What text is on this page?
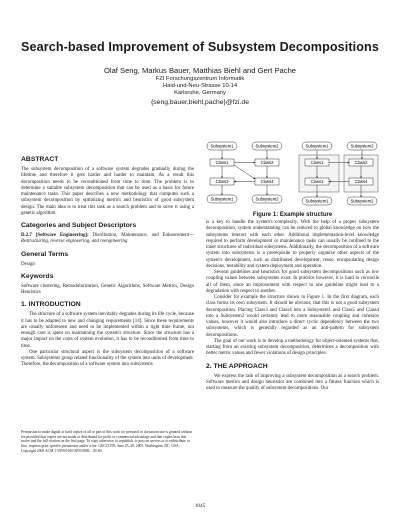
Search-based Improvement of Subsystem Decompositions
Olaf Seng, Markus Bauer, Matthias Biehl and Gert Pache
FZI Forschungszentrum Informatik
Haid-und-Neu-Strasse 10-14
Karlsruhe, Germany
{seng,bauer,biehl,pache}@fzi.de
ABSTRACT

The subsystem decomposition of a software system degrades gradually during the lifetime and therefore it gets harder and harder to maintain. As a result this decomposition needs to be reconditioned from time to time. The problem is to determine a suitable subsystem decomposition that can be used as a basis for future maintenance tasks. This paper describes a new methodology that computes such a subsystem decomposition by optimizing metrics and heuristics of good subsystem design. The main idea is to treat this task as a search problem and to solve it using a genetic algorithm.

Categories and Subject Descriptors

D.2.7 [Software Engineering]: Distribution, Maintenance, and Enhancement—Restructuring, reverse engineering, and reengineering

General Terms

Design

Keywords

Software clustering, Remodularization, Genetic Algorithms, Software Metrics, Design Heuristics

1. INTRODUCTION

The structure of a software system inevitably degrades during its life cycle, because it has to be adapted to new and changing requirements [14]. Since these requirements are usually unforeseen and need to be implemented within a tight time frame, not enough care is spent on maintaining the system's structure. Since the structure has a major impact on the costs of system evolution, it has to be reconditioned from time to time.

One particular structural aspect is the subsystem decomposition of a software system. Subsystems group related functionality of the system into units of development. Therefore, the decomposition of a software system into subsystems

Permission to make digital or hard copies of all or part of this work for personal or classroom use is granted without fee provided that copies are not made or distributed for profit or commercial advantage and that copies bear this notice and the full citation on the first page. To copy otherwise, to republish, to post on servers or to redistribute to lists, requires prior specific permission and/or a fee. GECCO'05, June 25–29, 2005, Washington, DC, USA. Copyright 2005 ACM 1-59593-010-8/05/0006 ...$5.00.
Subsystem1	Subsystem2
Class1	Class2
Class3	Class4
Subsystem1	Subsystem2
Subsystem1	Subsystem2
Class1	Class2
Class3	Class4
Subsystem1	Subsystem2
Figure 1: Example structure

is a key to handle the system's complexity. With the help of a proper subsystem decomposition, system understanding can be reduced to global knowledge on how the subsystems interact with each other. Additional implementation-level knowledge required to perform development or maintenance tasks can usually be confined to the inner structures of individual subsystems. Additionally, the decomposition of a software system into subsystems is a prerequisite to properly organize other aspects of the system's development, such as distributed development, reuse, encapsulating design decisions, testability and system deployment and operation.

Several guidelines and heuristics for good subsystem decompositions such as low coupling values between subsystems exist. In practice however, it is hard to reconcile all of them, since an improvement with respect to one guideline might lead to a degradation with respect to another.

Consider for example the structure shown in Figure 1. In the first diagram, each class forms its own subsystem. It should be obvious, that this is not a good subsystem decomposition. Placing Class3 and Class4 into a Subsystem1 and Class5 and Class4 into a Subsystem2 would certainly lead to more reasonable coupling and cohesion values, however it would also introduce a direct cyclic dependency between the two subsystems, which is generally regarded as an anti-pattern for subsystem decompositions.

The goal of our work is to develop a methodology for object-oriented systems that, starting from an existing subsystem decomposition, determines a decomposition with better metric values and fewer violations of design principles.

2. THE APPROACH

We express the task of improving a subsystem decomposition as a search problem. Software metrics and design heuristics are combined into a fitness function which is used to measure the quality of subsystem decompositions. Our

1045
